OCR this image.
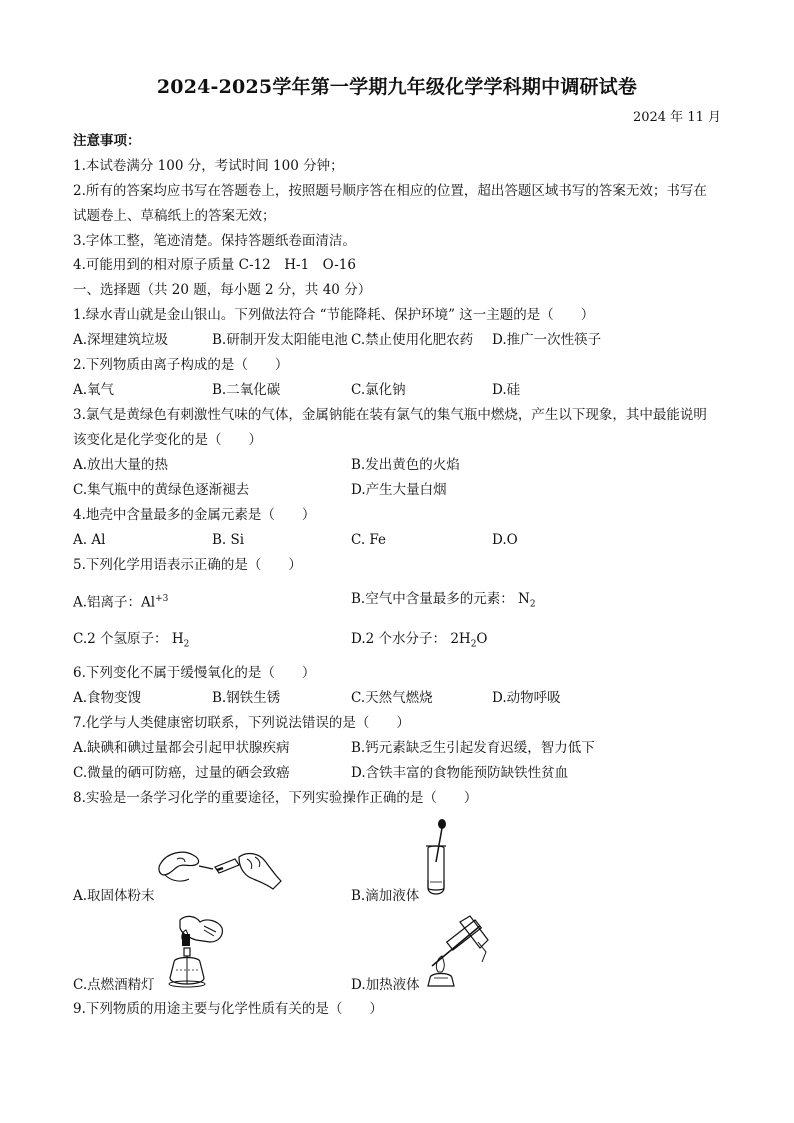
2024-2025学年第一学期九年级化学学科期中调研试卷
2024 年 11 月
注意事项：
1.本试卷满分 100 分，考试时间 100 分钟；
2.所有的答案均应书写在答题卷上，按照题号顺序答在相应的位置，超出答题区域书写的答案无效；书写在
试题卷上、草稿纸上的答案无效；
3.字体工整，笔迹清楚。保持答题纸卷面清洁。
4.可能用到的相对原子质量 C-12　H-1　O-16
一、选择题（共 20 题，每小题 2 分，共 40 分）
1.绿水青山就是金山银山。下列做法符合 “节能降耗、保护环境” 这一主题的是（　　）
A.深埋建筑垃圾	B.研制开发太阳能电池 C.禁止使用化肥农药 D.推广一次性筷子
2.下列物质由离子构成的是（　　）
A.氧气	B.二氧化碳	C.氯化钠	D.硅
3.氯气是黄绿色有刺激性气味的气体，金属钠能在装有氯气的集气瓶中燃烧，产生以下现象，其中最能说明
该变化是化学变化的是（　　）
A.放出大量的热	B.发出黄色的火焰
C.集气瓶中的黄绿色逐渐褪去	D.产生大量白烟
4.地壳中含量最多的金属元素是（　　）
A. Al	B. Si	C. Fe	D.O
5.下列化学用语表示正确的是（　　）
A.铝离子：$Al^{+3}$	B.空气中含量最多的元素： $N_2$
C.2 个氢原子： $H_2$	D.2 个水分子： $2H_2O$
6.下列变化不属于缓慢氧化的是（　　）
A.食物变馊	B.钢铁生锈	C.天然气燃烧	D.动物呼吸
7.化学与人类健康密切联系，下列说法错误的是（　　）
A.缺碘和碘过量都会引起甲状腺疾病	B.钙元素缺乏生引起发育迟缓，智力低下
C.微量的硒可防癌，过量的硒会致癌	D.含铁丰富的食物能预防缺铁性贫血
8.实验是一条学习化学的重要途径，下列实验操作正确的是（　　）
A.取固体粉末	B.滴加液体
C.点燃酒精灯	D.加热液体
9.下列物质的用途主要与化学性质有关的是（　　）
